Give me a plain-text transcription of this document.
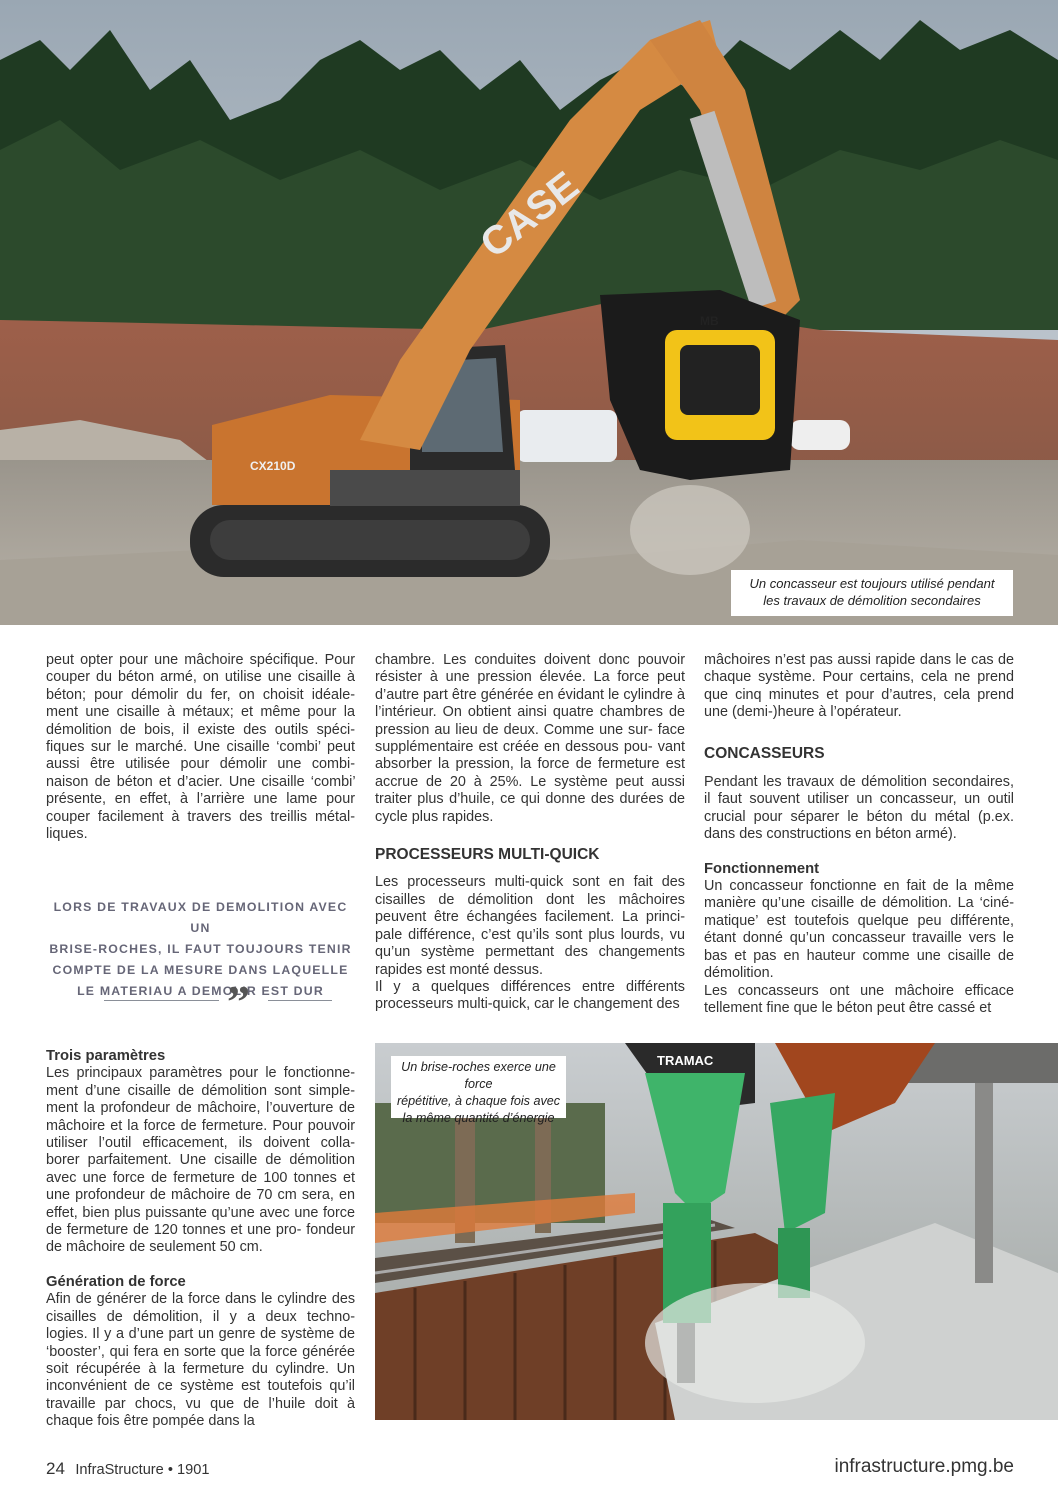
CASE
CX210D
MB
Un concasseur est toujours utilisé pendant
les travaux de démolition secondaires

peut opter pour une mâchoire spécifique. Pour couper du béton armé, on utilise une cisaille à béton; pour démolir du fer, on choisit idéale- ment une cisaille à métaux; et même pour la démolition de bois, il existe des outils spéci- fiques sur le marché. Une cisaille ‘combi’ peut aussi être utilisée pour démolir une combi- naison de béton et d’acier. Une cisaille ‘combi’ présente, en effet, à l’arrière une lame pour couper facilement à travers des treillis métal- liques.

LORS DE TRAVAUX DE DEMOLITION AVEC UN
BRISE-ROCHES, IL FAUT TOUJOURS TENIR
COMPTE DE LA MESURE DANS LAQUELLE
LE MATERIAU A DEMOLIR EST DUR
”
Trois paramètres

Les principaux paramètres pour le fonctionne- ment d’une cisaille de démolition sont simple- ment la profondeur de mâchoire, l’ouverture de mâchoire et la force de fermeture. Pour pouvoir utiliser l’outil efficacement, ils doivent colla- borer parfaitement. Une cisaille de démolition avec une force de fermeture de 100 tonnes et une profondeur de mâchoire de 70 cm sera, en effet, bien plus puissante qu’une avec une force de fermeture de 120 tonnes et une pro- fondeur de mâchoire de seulement 50 cm.

Génération de force

Afin de générer de la force dans le cylindre des cisailles de démolition, il y a deux techno- logies. Il y a d’une part un genre de système de ‘booster’, qui fera en sorte que la force générée soit récupérée à la fermeture du cylindre. Un inconvénient de ce système est toutefois qu’il travaille par chocs, vu que de l’huile doit à chaque fois être pompée dans la

chambre. Les conduites doivent donc pouvoir résister à une pression élevée. La force peut d’autre part être générée en évidant le cylindre à l’intérieur. On obtient ainsi quatre chambres de pression au lieu de deux. Comme une sur- face supplémentaire est créée en dessous pou- vant absorber la pression, la force de fermeture est accrue de 20 à 25%. Le système peut aussi traiter plus d’huile, ce qui donne des durées de cycle plus rapides.

PROCESSEURS MULTI-QUICK

Les processeurs multi-quick sont en fait des cisailles de démolition dont les mâchoires peuvent être échangées facilement. La princi- pale différence, c’est qu’ils sont plus lourds, vu qu’un système permettant des changements rapides est monté dessus.

Il y a quelques différences entre différents processeurs multi-quick, car le changement des

mâchoires n’est pas aussi rapide dans le cas de chaque système. Pour certains, cela ne prend que cinq minutes et pour d’autres, cela prend une (demi-)heure à l’opérateur.

CONCASSEURS

Pendant les travaux de démolition secondaires, il faut souvent utiliser un concasseur, un outil crucial pour séparer le béton du métal (p.ex. dans des constructions en béton armé).

Fonctionnement

Un concasseur fonctionne en fait de la même manière qu’une cisaille de démolition. La ‘ciné- matique’ est toutefois quelque peu différente, étant donné qu’un concasseur travaille vers le bas et pas en hauteur comme une cisaille de démolition.

Les concasseurs ont une mâchoire efficace tellement fine que le béton peut être cassé et

TRAMAC
Un brise-roches exerce une force
répétitive, à chaque fois avec
la même quantité d’énergie
24 InfraStructure • 1901	infrastructure.pmg.be
